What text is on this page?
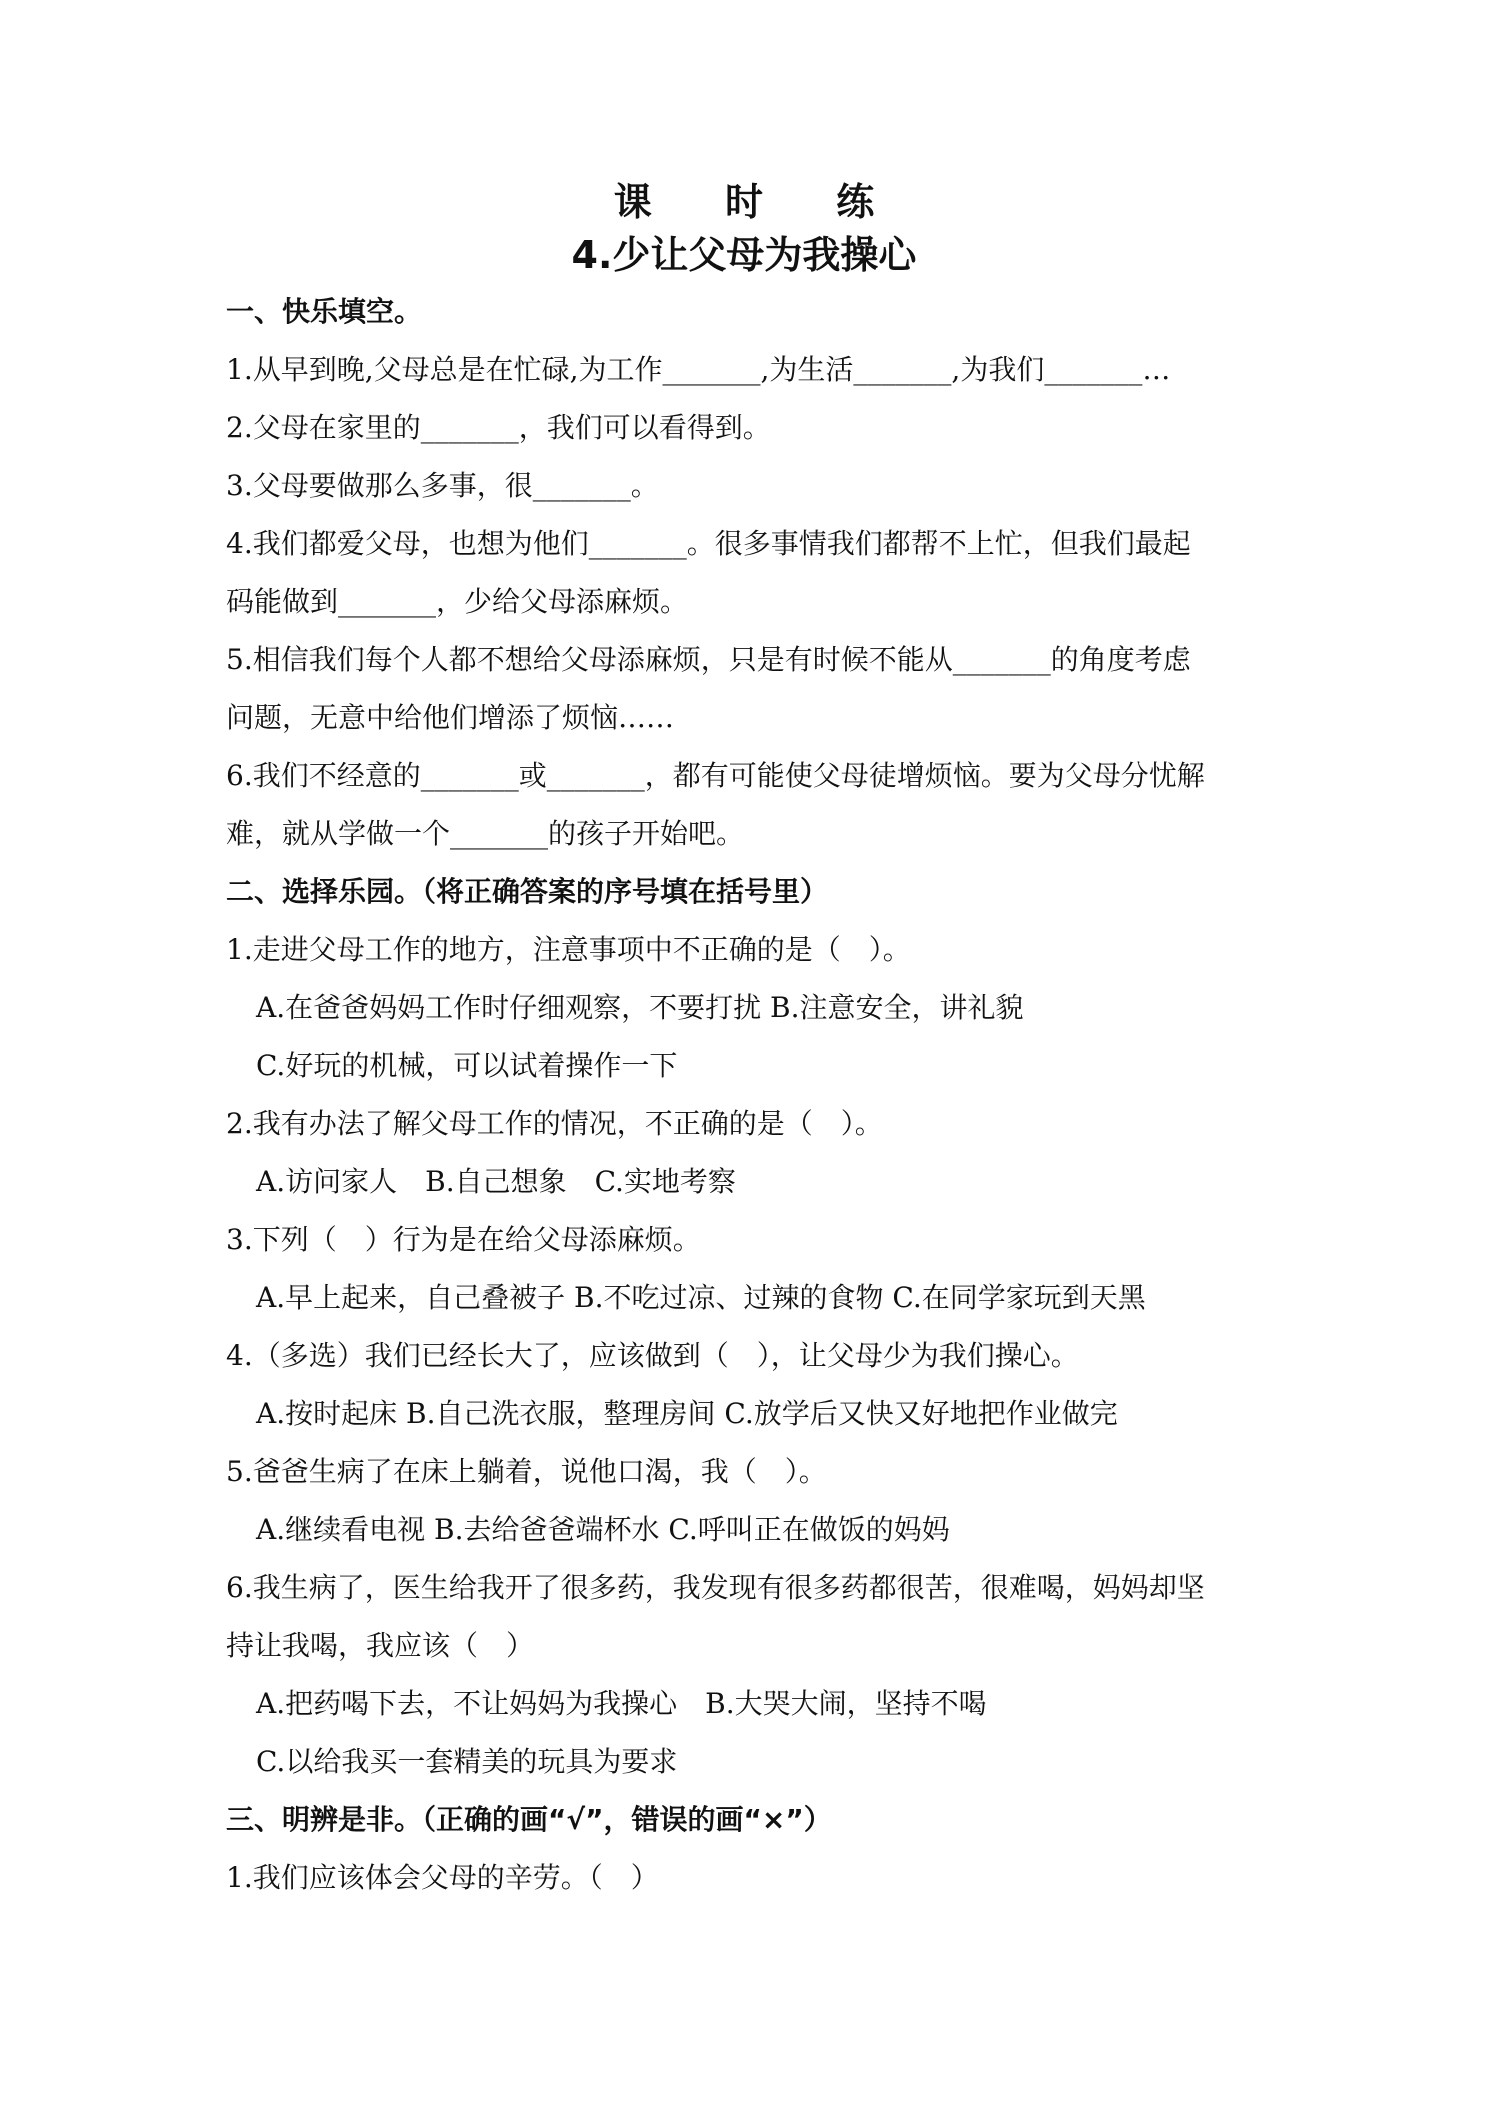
课 时 练
4.少让父母为我操心
一、快乐填空。
1.从早到晚,父母总是在忙碌,为工作_______,为生活_______,为我们_______…
2.父母在家里的_______，我们可以看得到。
3.父母要做那么多事，很_______。
4.我们都爱父母，也想为他们_______。很多事情我们都帮不上忙，但我们最起
码能做到_______，少给父母添麻烦。
5.相信我们每个人都不想给父母添麻烦，只是有时候不能从_______的角度考虑
问题，无意中给他们增添了烦恼……
6.我们不经意的_______或_______，都有可能使父母徒增烦恼。要为父母分忧解
难，就从学做一个_______的孩子开始吧。
二、选择乐园。（将正确答案的序号填在括号里）
1.走进父母工作的地方，注意事项中不正确的是（　）。
A.在爸爸妈妈工作时仔细观察，不要打扰 B.注意安全，讲礼貌
C.好玩的机械，可以试着操作一下
2.我有办法了解父母工作的情况，不正确的是（　）。
A.访问家人　B.自己想象　C.实地考察
3.下列（　）行为是在给父母添麻烦。
A.早上起来，自己叠被子 B.不吃过凉、过辣的食物 C.在同学家玩到天黑
4.（多选）我们已经长大了，应该做到（　），让父母少为我们操心。
A.按时起床 B.自己洗衣服，整理房间 C.放学后又快又好地把作业做完
5.爸爸生病了在床上躺着，说他口渴，我（　）。
A.继续看电视 B.去给爸爸端杯水 C.呼叫正在做饭的妈妈
6.我生病了，医生给我开了很多药，我发现有很多药都很苦，很难喝，妈妈却坚
持让我喝，我应该（　）
A.把药喝下去，不让妈妈为我操心　B.大哭大闹，坚持不喝
C.以给我买一套精美的玩具为要求
三、明辨是非。（正确的画“√”，错误的画“×”）
1.我们应该体会父母的辛劳。（　）
